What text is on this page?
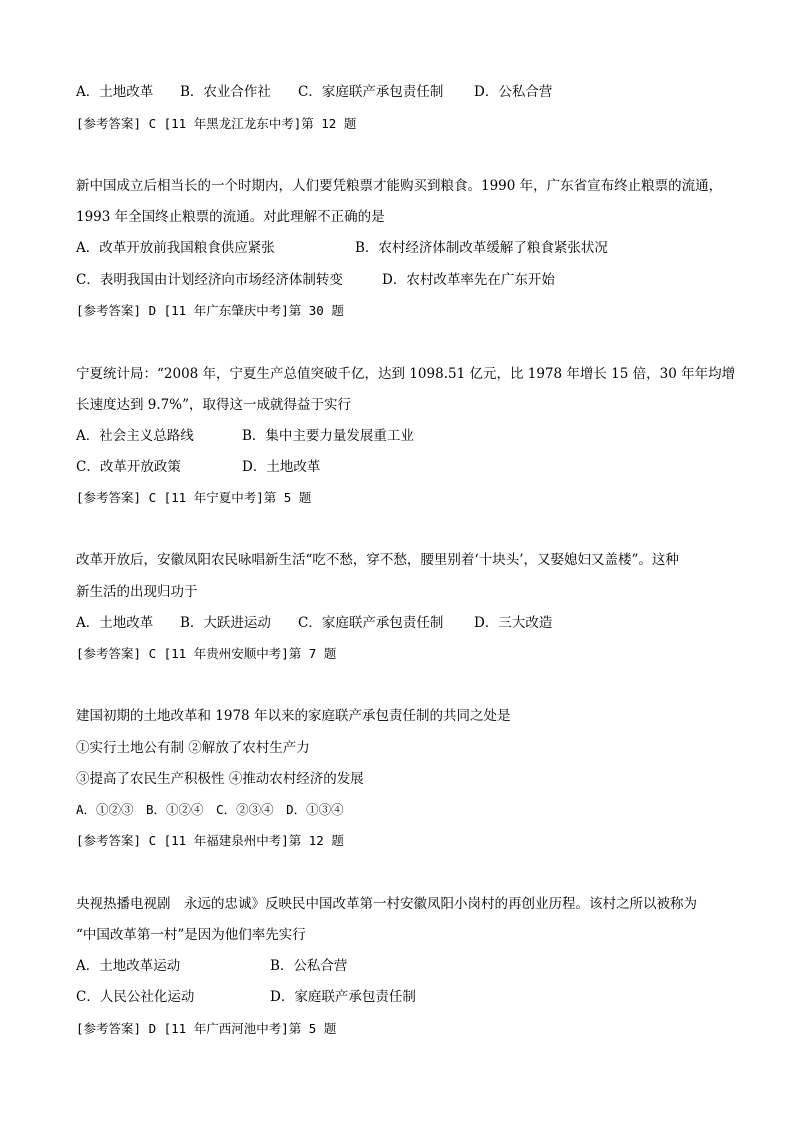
A．土地改革 B．农业合作社 C．家庭联产承包责任制 D．公私合营
[参考答案] C [11 年黑龙江龙东中考]第 12 题
新中国成立后相当长的一个时期内，人们要凭粮票才能购买到粮食。1990 年，广东省宣布终止粮票的流通，
1993 年全国终止粮票的流通。对此理解不正确的是
A．改革开放前我国粮食供应紧张	B．农村经济体制改革缓解了粮食紧张状况
C．表明我国由计划经济向市场经济体制转变	D．农村改革率先在广东开始
[参考答案] D [11 年广东肇庆中考]第 30 题
宁夏统计局：“2008 年，宁夏生产总值突破千亿，达到 1098.51 亿元，比 1978 年增长 15 倍，30 年年均增
长速度达到 9.7%”，取得这一成就得益于实行
A．社会主义总路线	B．集中主要力量发展重工业
C．改革开放政策	D．土地改革
[参考答案] C [11 年宁夏中考]第 5 题
改革开放后，安徽凤阳农民咏唱新生活“吃不愁，穿不愁，腰里别着‘十块头’，又娶媳妇又盖楼”。这种
新生活的出现归功于
A．土地改革 B．大跃进运动 C．家庭联产承包责任制 D．三大改造
[参考答案] C [11 年贵州安顺中考]第 7 题
建国初期的土地改革和 1978 年以来的家庭联产承包责任制的共同之处是
①实行土地公有制 ②解放了农村生产力
③提高了农民生产积极性 ④推动农村经济的发展
A．①②③　B．①②④　C．②③④　D．①③④
[参考答案] C [11 年福建泉州中考]第 12 题
央视热播电视剧　永远的忠诚》反映民中国改革第一村安徽凤阳小岗村的再创业历程。该村之所以被称为
“中国改革第一村”是因为他们率先实行
A．土地改革运动	B．公私合营
C．人民公社化运动	D．家庭联产承包责任制
[参考答案] D [11 年广西河池中考]第 5 题
